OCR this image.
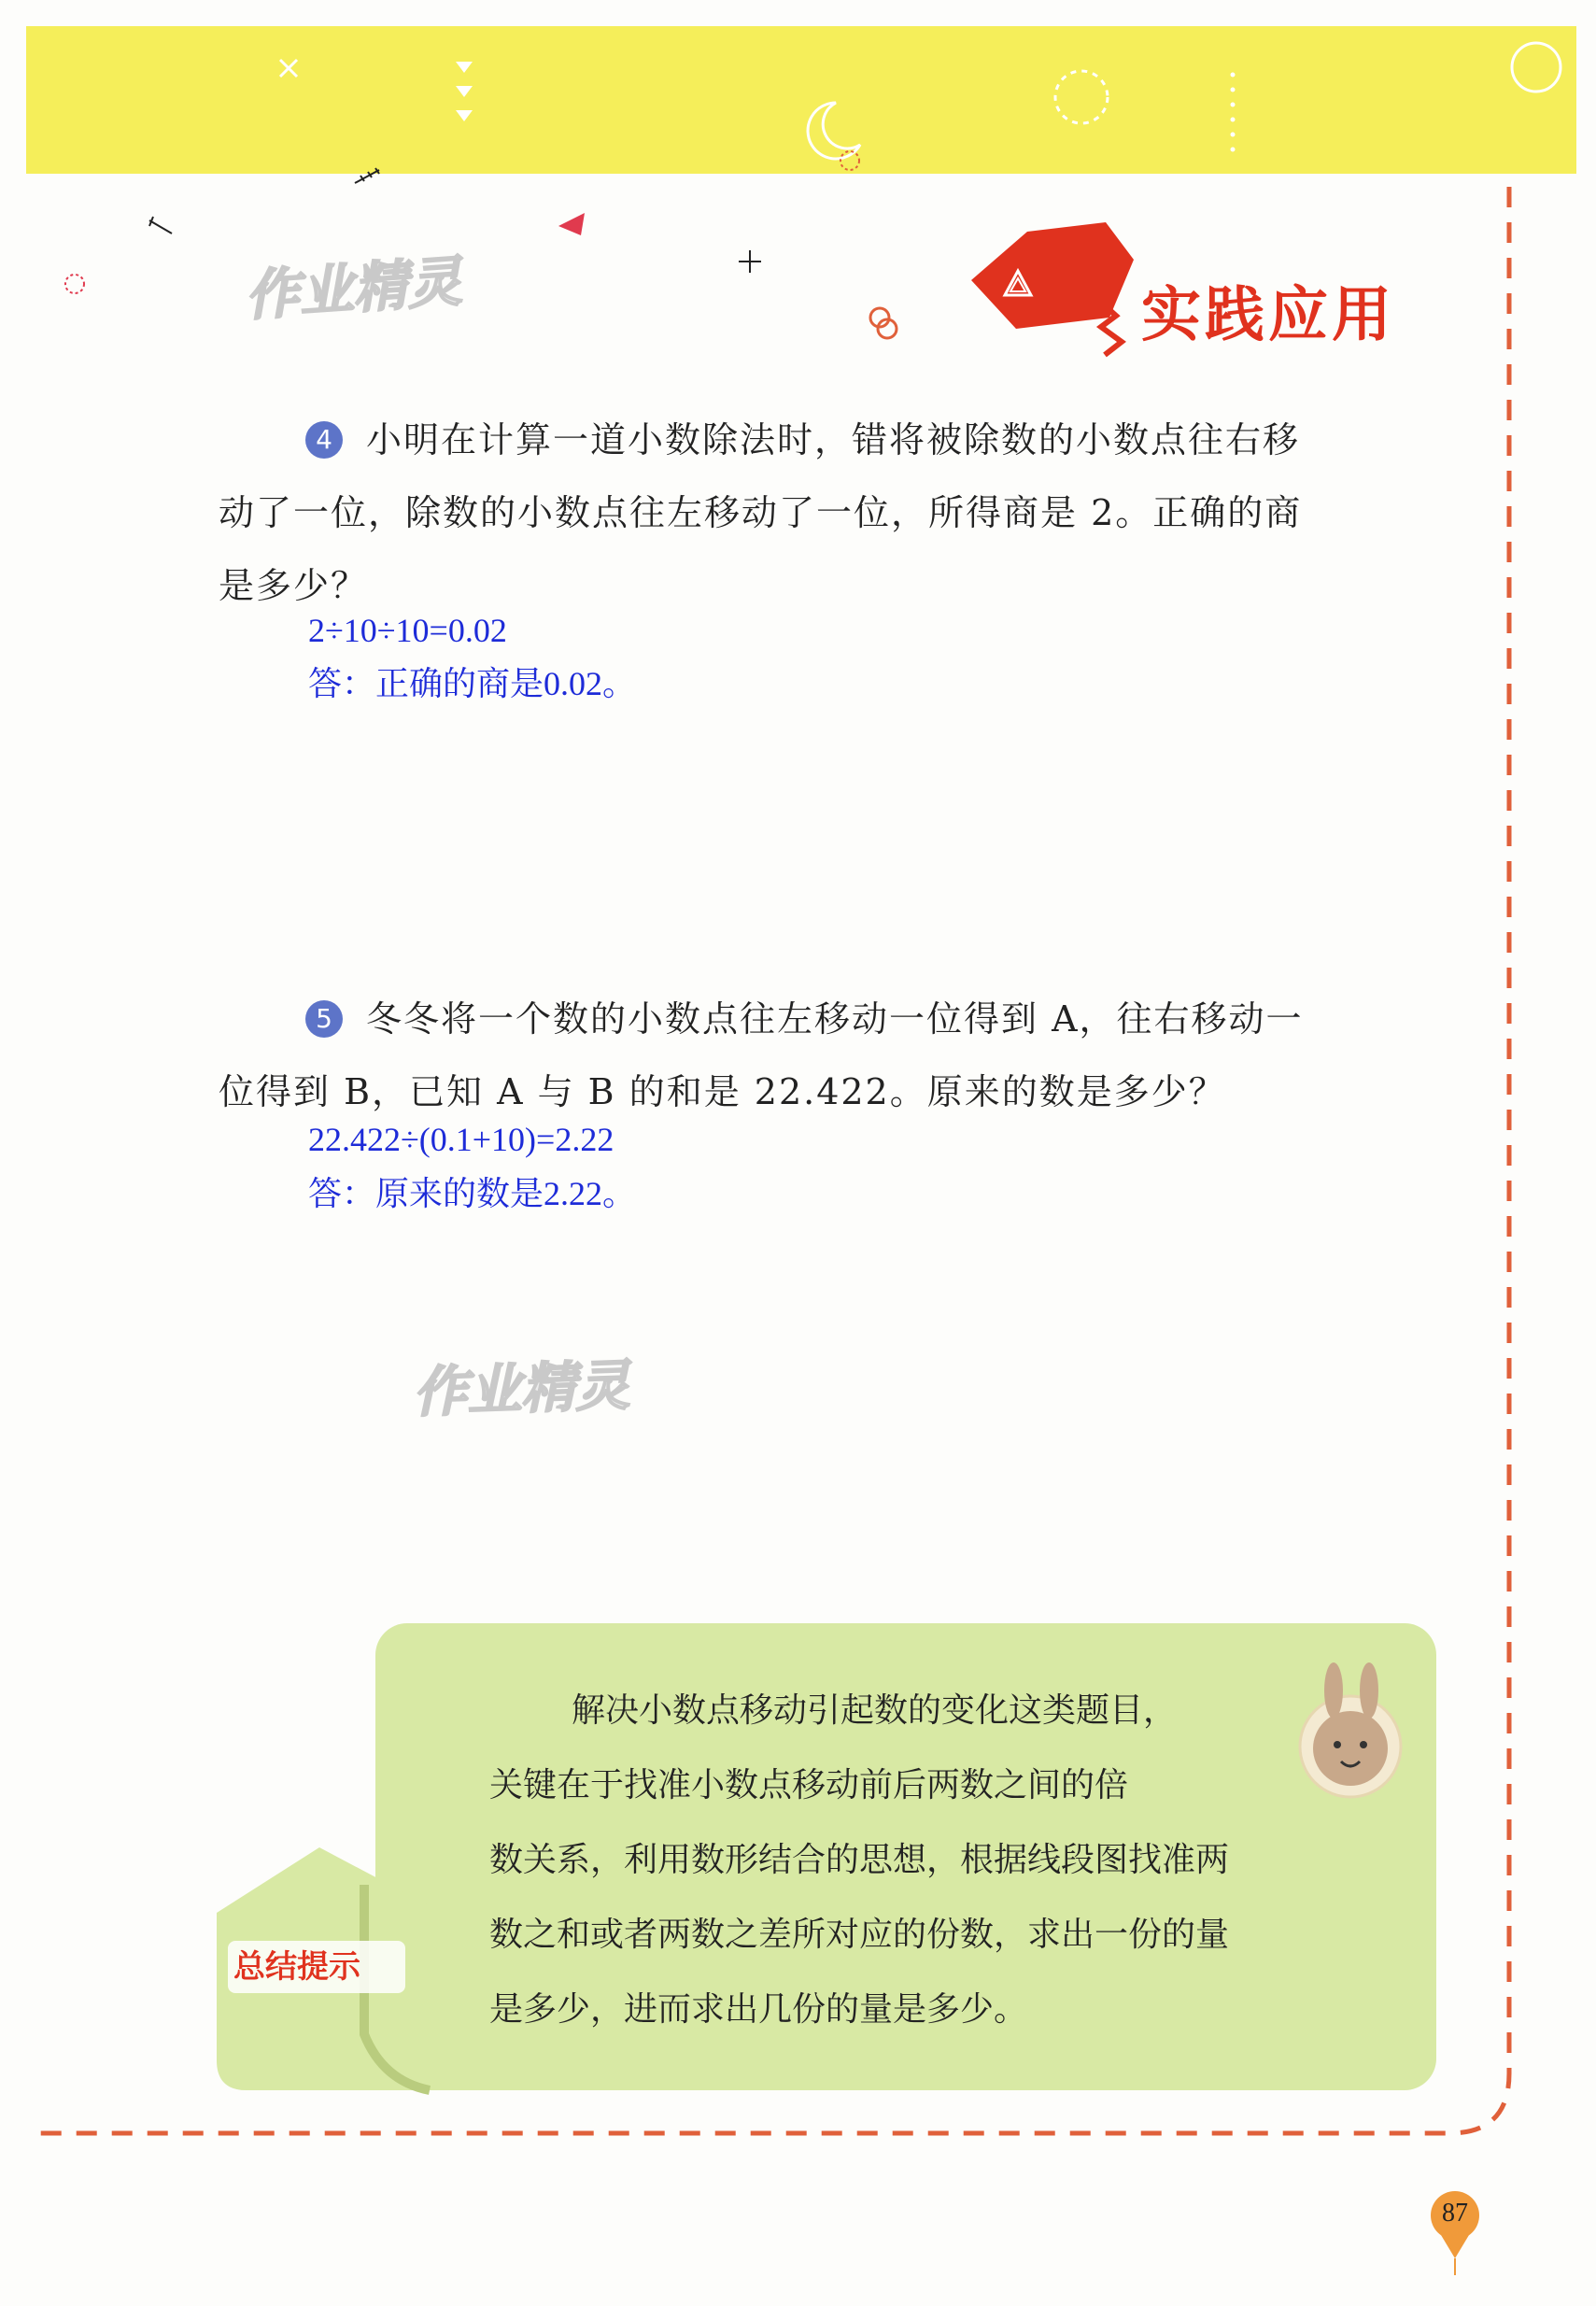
实践应用
作业精灵
作业精灵
4 小明在计算一道小数除法时，错将被除数的小数点往右移
动了一位，除数的小数点往左移动了一位，所得商是 2。正确的商
是多少？
2÷10÷10=0.02
答：正确的商是0.02。
5 冬冬将一个数的小数点往左移动一位得到 A，往右移动一
位得到 B，已知 A 与 B 的和是 22.422。原来的数是多少？
22.422÷(0.1+10)=2.22
答：原来的数是2.22。
总结提示
解决小数点移动引起数的变化这类题目，
关键在于找准小数点移动前后两数之间的倍
数关系，利用数形结合的思想，根据线段图找准两
数之和或者两数之差所对应的份数，求出一份的量
是多少，进而求出几份的量是多少。
87
